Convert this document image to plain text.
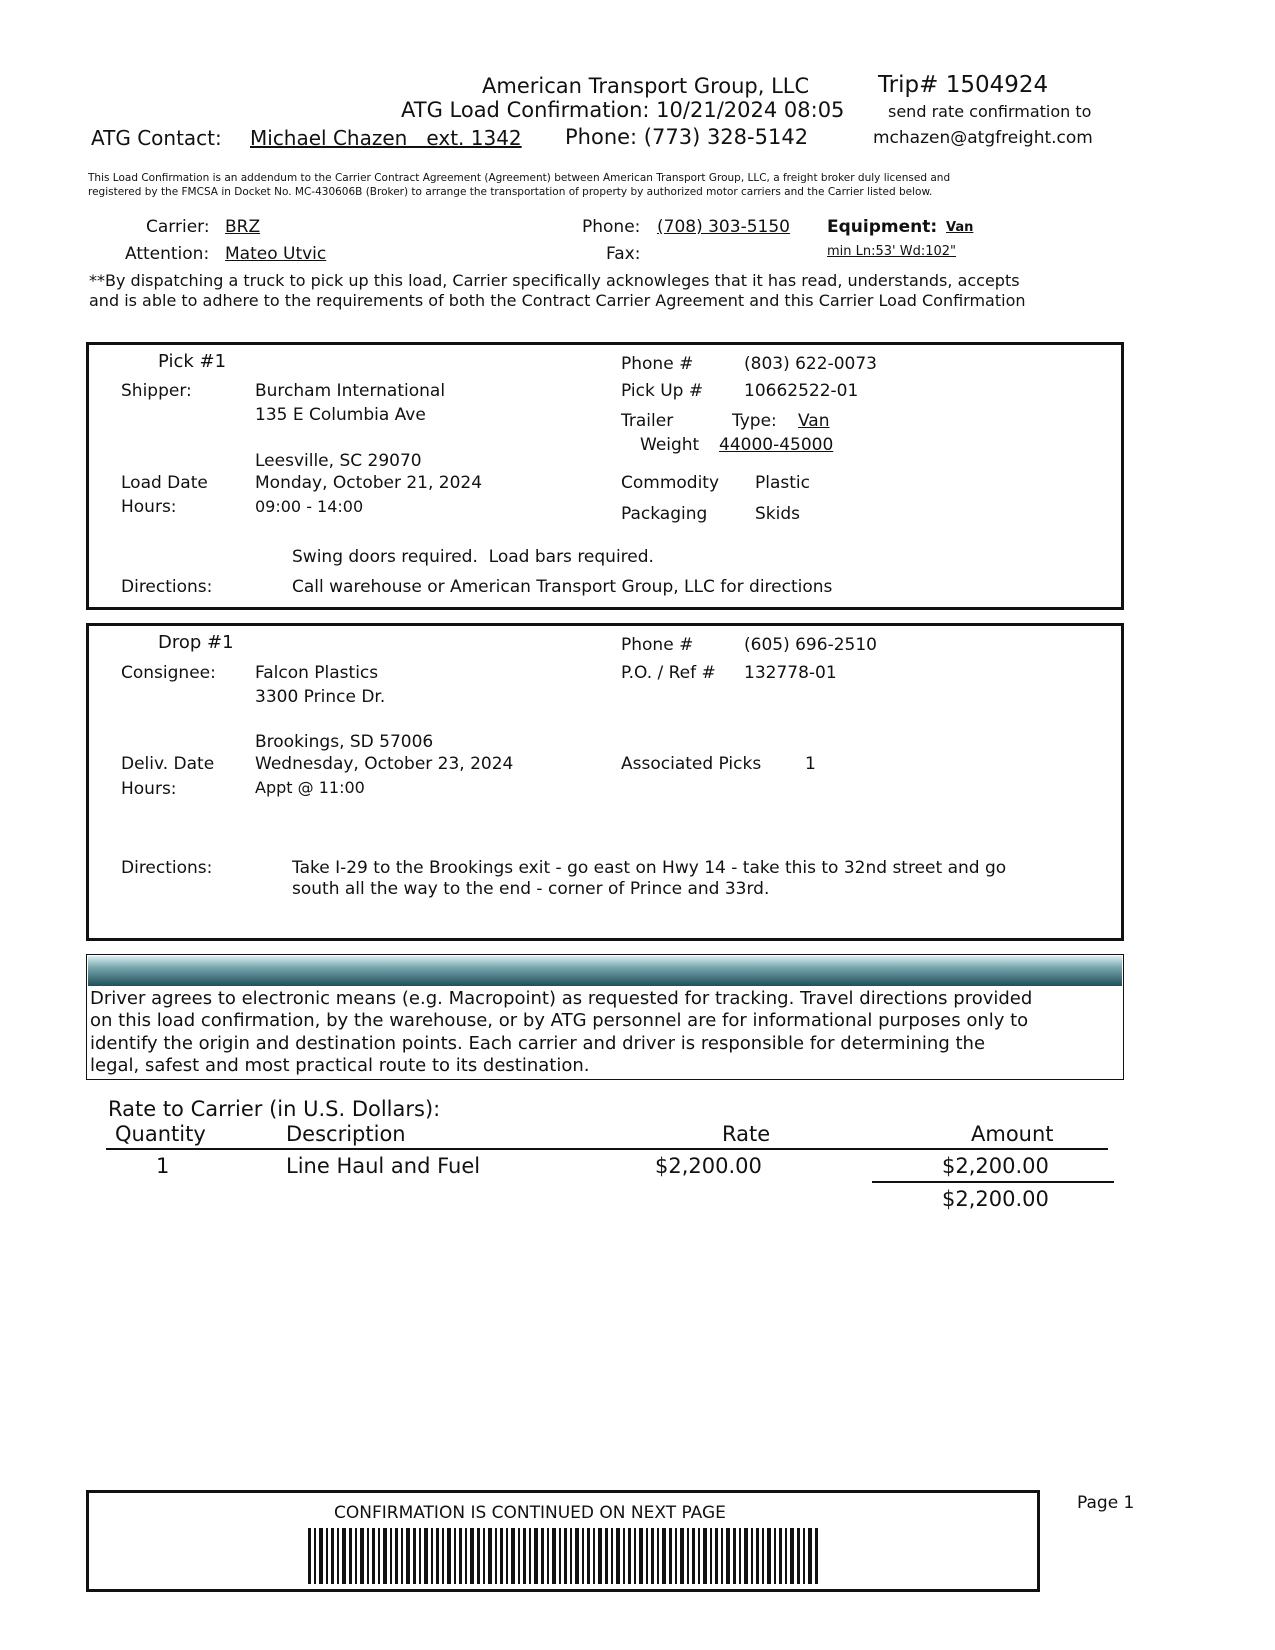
American Transport Group, LLC
ATG Load Confirmation: 10/21/2024 08:05
Trip# 1504924
send rate confirmation to
ATG Contact: Michael Chazen   ext. 1342 Phone: (773) 328-5142	mchazen@atgfreight.com
This Load Confirmation is an addendum to the Carrier Contract Agreement (Agreement) between American Transport Group, LLC, a freight broker duly licensed and
registered by the FMCSA in Docket No. MC-430606B (Broker) to arrange the transportation of property by authorized motor carriers and the Carrier listed below.
Carrier: BRZ
Attention: Mateo Utvic
Phone: (708) 303-5150
Fax:
Equipment: Van
min Ln:53' Wd:102"
**By dispatching a truck to pick up this load, Carrier specifically acknowleges that it has read, understands, accepts
and is able to adhere to the requirements of both the Contract Carrier Agreement and this Carrier Load Confirmation
Pick #1
Shipper:	Burcham International
135 E Columbia Ave
Leesville, SC 29070
Load Date	Monday, October 21, 2024
Hours:	09:00 - 14:00
Phone #	(803) 622-0073
Pick Up # 10662522-01
Trailer	Type: Van
Weight 44000-45000
Commodity Plastic
Packaging	Skids
Swing doors required.  Load bars required.
Directions:	Call warehouse or American Transport Group, LLC for directions
Drop #1
Consignee: Falcon Plastics
3300 Prince Dr.
Brookings, SD 57006
Deliv. Date Wednesday, October 23, 2024
Hours:	Appt @ 11:00
Phone #	(605) 696-2510
P.O. / Ref # 132778-01
Associated Picks	1
Directions:	Take I-29 to the Brookings exit - go east on Hwy 14 - take this to 32nd street and go
south all the way to the end - corner of Prince and 33rd.
Driver agrees to electronic means (e.g. Macropoint) as requested for tracking. Travel directions provided
on this load confirmation, by the warehouse, or by ATG personnel are for informational purposes only to
identify the origin and destination points. Each carrier and driver is responsible for determining the
legal, safest and most practical route to its destination.
Rate to Carrier (in U.S. Dollars):
Quantity	Description	Rate	Amount
1	Line Haul and Fuel	$2,200.00	$2,200.00
$2,200.00
CONFIRMATION IS CONTINUED ON NEXT PAGE	Page 1
